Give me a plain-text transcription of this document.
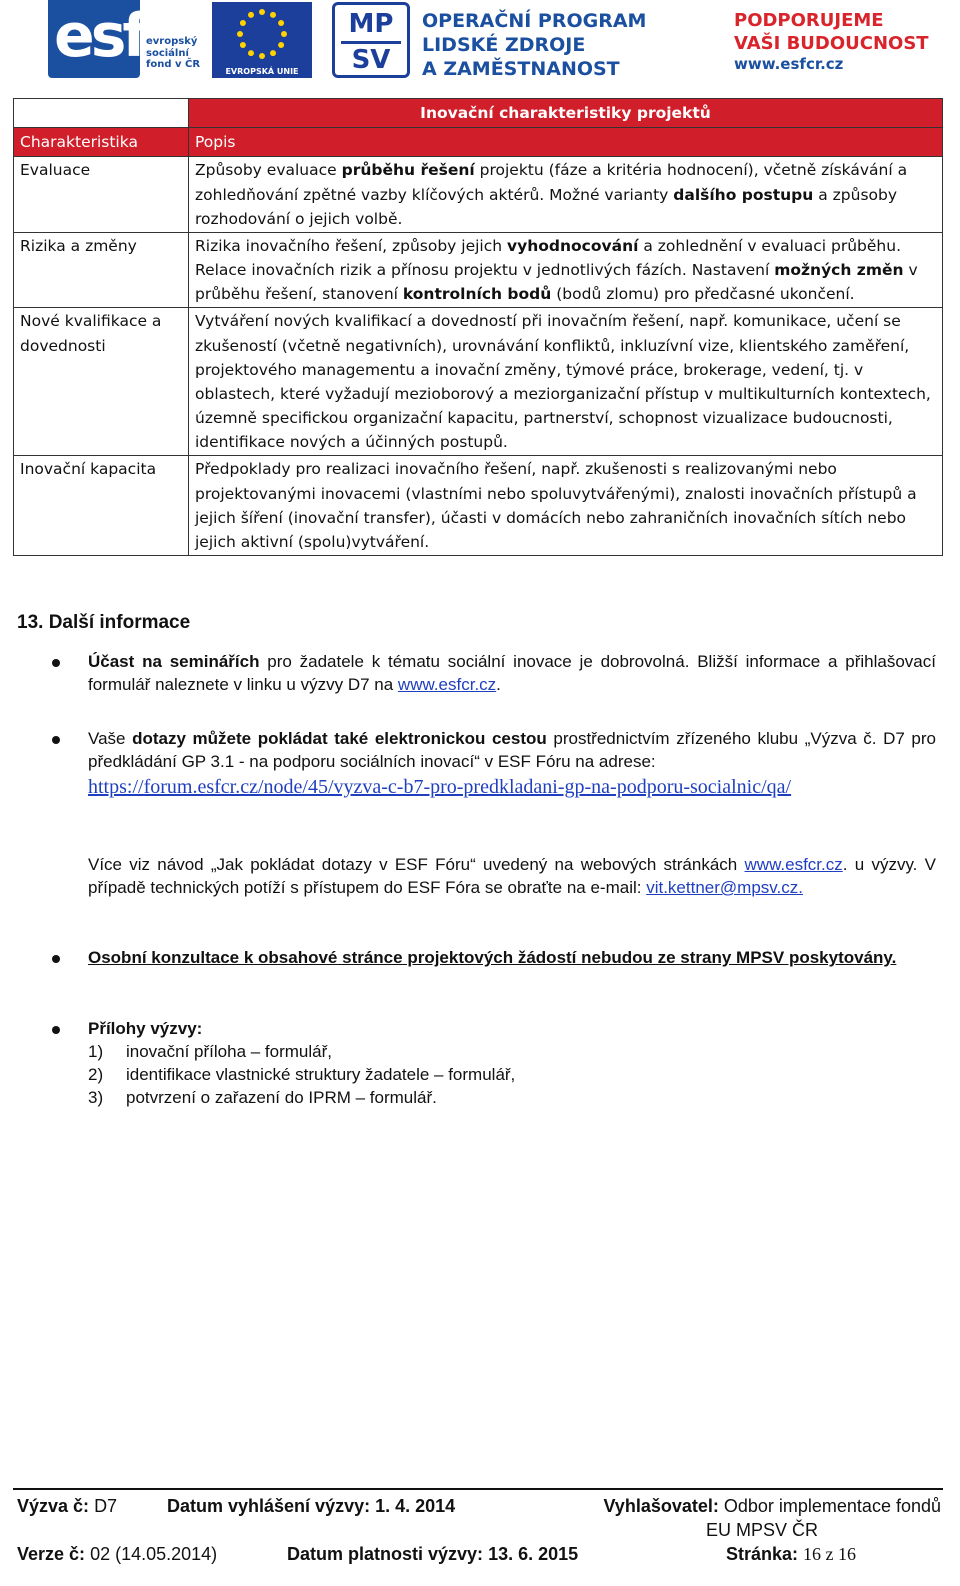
esf evropský
sociální
fond v ČR
EVROPSKÁ UNIE
MP
SV
OPERAČNÍ PROGRAM
LIDSKÉ ZDROJE
A ZAMĚSTNANOST
PODPORUJEME
VAŠI BUDOUCNOST
www.esfcr.cz
	Inovační charakteristiky projektů
Charakteristika	Popis
Evaluace	Způsoby evaluace průběhu řešení projektu (fáze a kritéria hodnocení), včetně získávání a zohledňování zpětné vazby klíčových aktérů. Možné varianty dalšího postupu a způsoby rozhodování o jejich volbě.
Rizika a změny	Rizika inovačního řešení, způsoby jejich vyhodnocování a zohlednění v evaluaci průběhu. Relace inovačních rizik a přínosu projektu v jednotlivých fázích. Nastavení možných změn v průběhu řešení, stanovení kontrolních bodů (bodů zlomu) pro předčasné ukončení.
Nové kvalifikace a dovednosti	Vytváření nových kvalifikací a dovedností při inovačním řešení, např. komunikace, učení se zkušeností (včetně negativních), urovnávání konfliktů, inkluzívní vize, klientského zaměření, projektového managementu a inovační změny, týmové práce, brokerage, vedení, tj. v oblastech, které vyžadují mezioborový a meziorganizační přístup v multikulturních kontextech, územně specifickou organizační kapacitu, partnerství, schopnost vizualizace budoucnosti, identifikace nových a účinných postupů.
Inovační kapacita	Předpoklady pro realizaci inovačního řešení, např. zkušenosti s realizovanými nebo projektovanými inovacemi (vlastními nebo spoluvytvářenými), znalosti inovačních přístupů a jejich šíření (inovační transfer), účasti v domácích nebo zahraničních inovačních sítích nebo jejich aktivní (spolu)vytváření.
13. Další informace
Účast na seminářích pro žadatele k tématu sociální inovace je dobrovolná. Bližší informace a přihlašovací formulář naleznete v linku u výzvy D7 na www.esfcr.cz.
Vaše dotazy můžete pokládat také elektronickou cestou prostřednictvím zřízeného klubu „Výzva č. D7 pro předkládání GP 3.1 - na podporu sociálních inovací“ v ESF Fóru na adrese:
https://forum.esfcr.cz/node/45/vyzva-c-b7-pro-predkladani-gp-na-podporu-socialnic/qa/
Více viz návod „Jak pokládat dotazy v ESF Fóru“ uvedený na webových stránkách www.esfcr.cz. u výzvy. V případě technických potíží s přístupem do ESF Fóra se obraťte na e-mail: vit.kettner@mpsv.cz.
Osobní konzultace k obsahové stránce projektových žádostí nebudou ze strany MPSV poskytovány.
Přílohy výzvy:
1)	inovační příloha – formulář,
2)	identifikace vlastnické struktury žadatele – formulář,
3)	potvrzení o zařazení do IPRM – formulář.
Výzva č: D7	Datum vyhlášení výzvy: 1. 4. 2014	Vyhlašovatel: Odbor implementace fondů
EU MPSV ČR
Verze č: 02 (14.05.2014)	Datum platnosti výzvy: 13. 6. 2015	Stránka: 16 z 16
